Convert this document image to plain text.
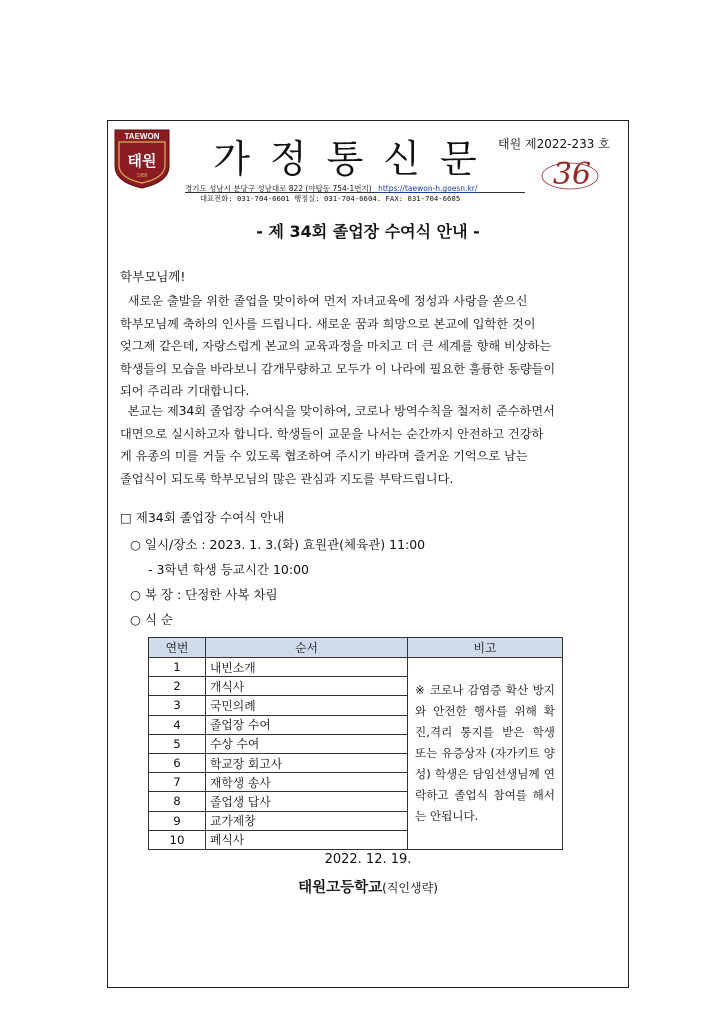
TAEWON
태원
1986	가정통신문 태원 제2022-233 호
경기도 성남시 분당구 성남대로 822 (야탑동 754-1번지) https://taewon-h.goesn.kr/
대표전화: 031-704-6601 행정실: 031-704-6604. FAX: 031-704-6605
36
- 제 34회 졸업장 수여식 안내 -
학부모님께!
새로운 출발을 위한 졸업을 맞이하여 먼저 자녀교육에 정성과 사랑을 쏟으신
학부모님께 축하의 인사를 드립니다. 새로운 꿈과 희망으로 본교에 입학한 것이
엊그제 같은데, 자랑스럽게 본교의 교육과정을 마치고 더 큰 세계를 향해 비상하는
학생들의 모습을 바라보니 감개무량하고 모두가 이 나라에 필요한 훌륭한 동량들이
되어 주리라 기대합니다.
본교는 제34회 졸업장 수여식을 맞이하여, 코로나 방역수칙을 철저히 준수하면서
대면으로 실시하고자 합니다. 학생들이 교문을 나서는 순간까지 안전하고 건강하
게 유종의 미를 거둘 수 있도록 협조하여 주시기 바라며 즐거운 기억으로 남는
졸업식이 되도록 학부모님의 많은 관심과 지도를 부탁드립니다.
□ 제34회 졸업장 수여식 안내
○ 일시/장소 : 2023. 1. 3.(화) 효원관(체육관) 11:00
- 3학년 학생 등교시간 10:00
○ 복 장 : 단정한 사복 차림
○ 식 순
연번	순서	비고
1	내빈소개	※ 코로나 감염증 확산 방지와 안전한 행사를 위해 확진,격리 통지를 받은 학생 또는 유증상자 (자가키트 양성) 학생은 담임선생님께 연락하고 졸업식 참여를 해서는 안됩니다.
2	개식사	
3	국민의례	
4	졸업장 수여	
5	수상 수여	
6	학교장 회고사	
7	재학생 송사	
8	졸업생 답사	
9	교가제창	
10	폐식사	
2022. 12. 19.
태원고등학교(직인생략)
